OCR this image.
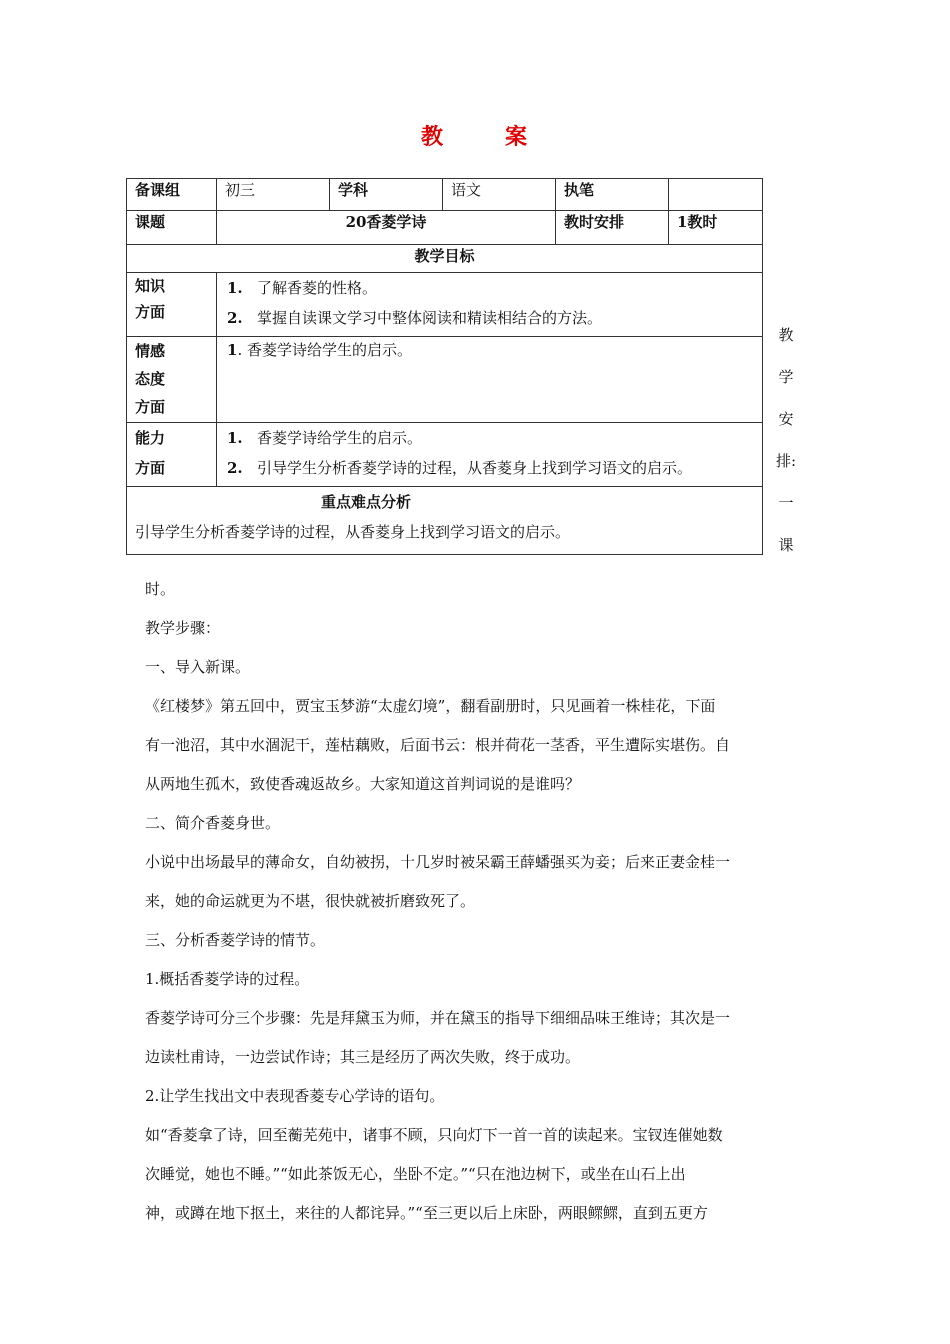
教	案
备课组	初三	学科	语文	执笔	
课题	20香菱学诗			教时安排	1教时
教学目标					
知识
方面	1. 了解香菱的性格。
2. 掌握自读课文学习中整体阅读和精读相结合的方法。				

情感
态度
方面	1. 香菱学诗给学生的启示。				

能力
方面	1. 香菱学诗给学生的启示。
2. 引导学生分析香菱学诗的过程，从香菱身上找到学习语文的启示。				

重点难点分析
引导学生分析香菱学诗的过程，从香菱身上找到学习语文的启示。					
教
学
安
排:
一
课

时。

教学步骤：

一、导入新课。

《红楼梦》第五回中，贾宝玉梦游“太虚幻境”，翻看副册时，只见画着一株桂花，下面

有一池沼，其中水涸泥干，莲枯藕败，后面书云：根并荷花一茎香，平生遭际实堪伤。自

从两地生孤木，致使香魂返故乡。大家知道这首判词说的是谁吗？

二、简介香菱身世。

小说中出场最早的薄命女，自幼被拐，十几岁时被呆霸王薛蟠强买为妾；后来正妻金桂一

来，她的命运就更为不堪，很快就被折磨致死了。

三、分析香菱学诗的情节。

1.概括香菱学诗的过程。

香菱学诗可分三个步骤：先是拜黛玉为师，并在黛玉的指导下细细品味王维诗；其次是一

边读杜甫诗，一边尝试作诗；其三是经历了两次失败，终于成功。

2.让学生找出文中表现香菱专心学诗的语句。

如“香菱拿了诗，回至蘅芜苑中，诸事不顾，只向灯下一首一首的读起来。宝钗连催她数

次睡觉，她也不睡。”“如此茶饭无心，坐卧不定。”“只在池边树下，或坐在山石上出

神，或蹲在地下抠土，来往的人都诧异。”“至三更以后上床卧，两眼鳏鳏，直到五更方
